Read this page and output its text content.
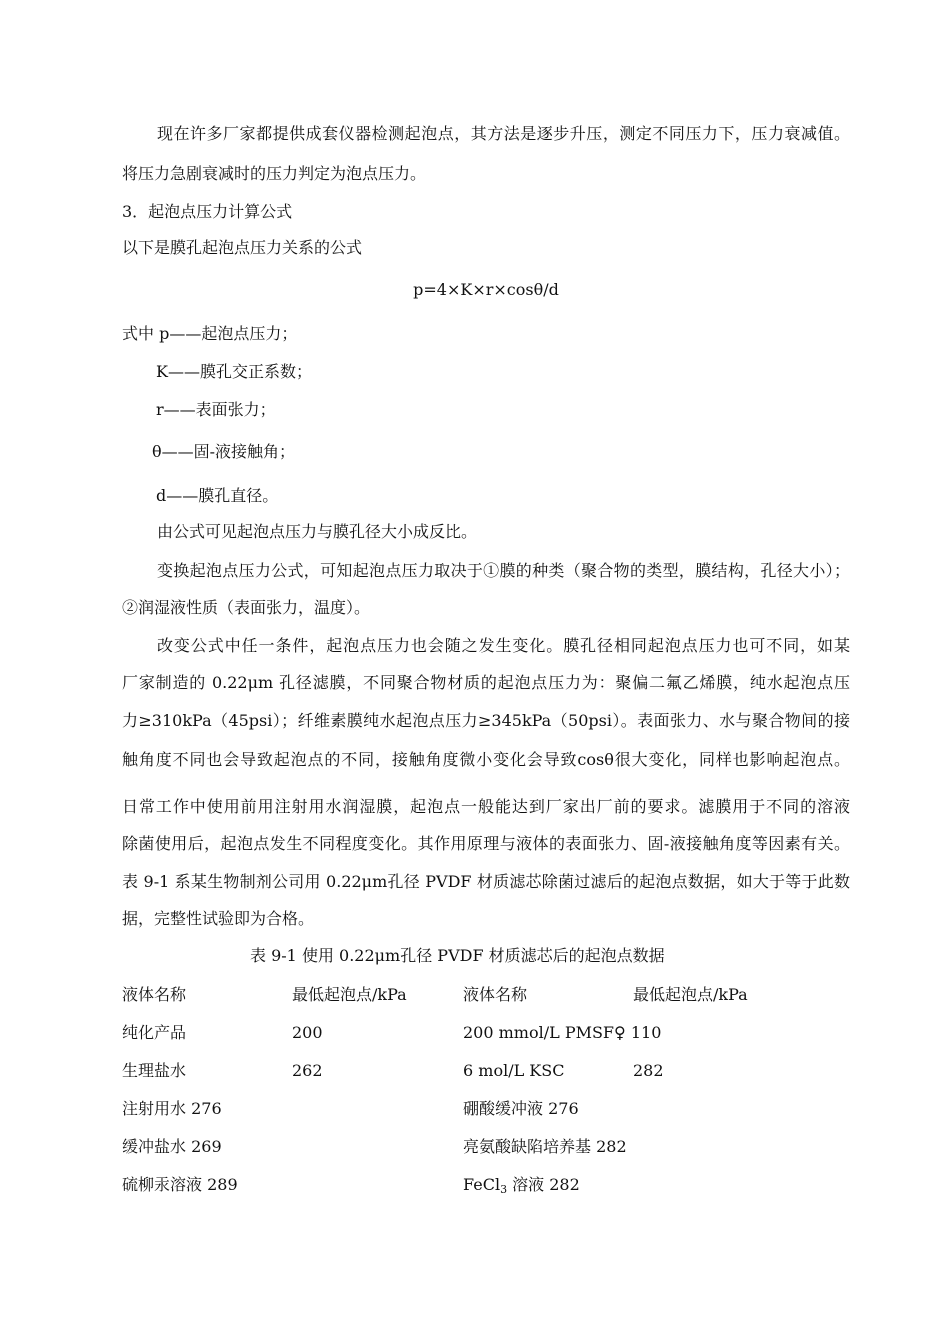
现在许多厂家都提供成套仪器检测起泡点，其方法是逐步升压，测定不同压力下，压力衰减值。
将压力急剧衰减时的压力判定为泡点压力。
3．起泡点压力计算公式
以下是膜孔起泡点压力关系的公式
p=4×K×r×cosθ/d
式中 p——起泡点压力；
K——膜孔交正系数；
r——表面张力；
θ——固-液接触角；
d——膜孔直径。
由公式可见起泡点压力与膜孔径大小成反比。
变换起泡点压力公式，可知起泡点压力取决于①膜的种类（聚合物的类型，膜结构，孔径大小）；
②润湿液性质（表面张力，温度）。
改变公式中任一条件，起泡点压力也会随之发生变化。膜孔径相同起泡点压力也可不同，如某
厂家制造的 0.22μm 孔径滤膜，不同聚合物材质的起泡点压力为：聚偏二氟乙烯膜，纯水起泡点压
力≥310kPa（45psi）；纤维素膜纯水起泡点压力≥345kPa（50psi）。表面张力、水与聚合物间的接
触角度不同也会导致起泡点的不同，接触角度微小变化会导致cosθ很大变化，同样也影响起泡点。
日常工作中使用前用注射用水润湿膜，起泡点一般能达到厂家出厂前的要求。滤膜用于不同的溶液
除菌使用后，起泡点发生不同程度变化。其作用原理与液体的表面张力、固-液接触角度等因素有关。
表 9-1 系某生物制剂公司用 0.22μm孔径 PVDF 材质滤芯除菌过滤后的起泡点数据，如大于等于此数
据，完整性试验即为合格。
表 9-1 使用 0.22μm孔径 PVDF 材质滤芯后的起泡点数据
液体名称	最低起泡点/kPa	液体名称	最低起泡点/kPa
纯化产品	200	200 mmol/L PMSF♀ 110
生理盐水	262	6 mol/L KSC	282
注射用水 276	硼酸缓冲液 276
缓冲盐水 269	亮氨酸缺陷培养基 282
硫柳汞溶液 289	FeCl$_3$ 溶液 282
